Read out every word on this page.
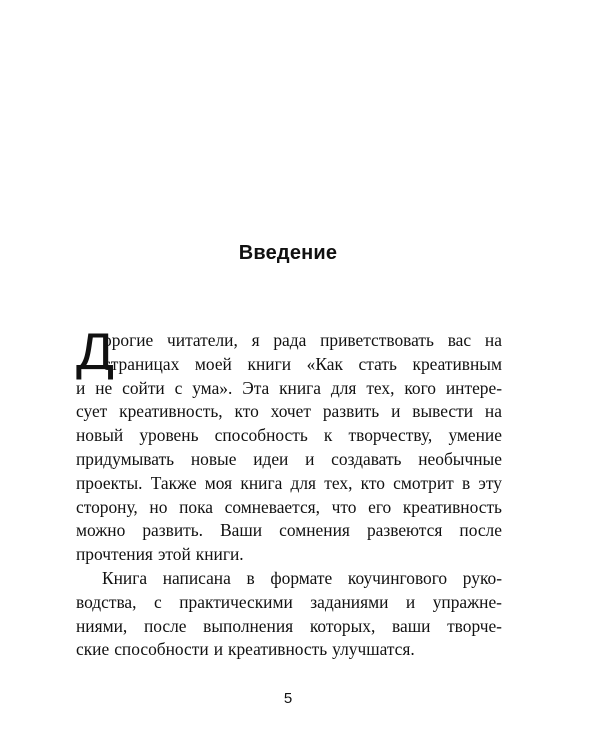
Введение
Д
орогие читатели, я рада приветствовать вас на
страницах моей книги «Как стать креативным
и не сойти с ума». Эта книга для тех, кого интере-
сует креативность, кто хочет развить и вывести на
новый уровень способность к творчеству, умение
придумывать новые идеи и создавать необычные
проекты. Также моя книга для тех, кто смотрит в эту
сторону, но пока сомневается, что его креативность
можно развить. Ваши сомнения развеются после
прочтения этой книги.
Книга написана в формате коучингового руко-
водства, с практическими заданиями и упражне-
ниями, после выполнения которых, ваши творче-
ские способности и креативность улучшатся.
5
